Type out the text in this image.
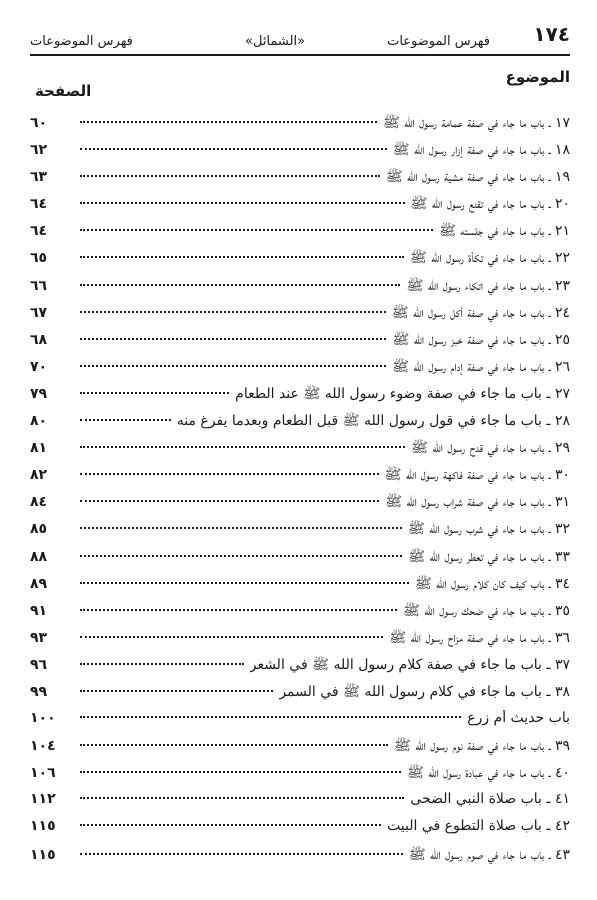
١٧٤
فهرس الموضوعات
«الشمائل»
فهرس الموضوعات
الموضوع
الصفحة
١٧ ـ باب ما جاء في صفة عمامة رسول الله ﷺ
٦٠
١٨ ـ باب ما جاء في صفة إزار رسول الله ﷺ
٦٢
١٩ ـ باب ما جاء في صفة مشية رسول الله ﷺ
٦٣
٢٠ ـ باب ما جاء في تقنع رسول الله ﷺ
٦٤
٢١ ـ باب ما جاء في جلسته ﷺ
٦٤
٢٢ ـ باب ما جاء في تكأة رسول الله ﷺ
٦٥
٢٣ ـ باب ما جاء في اتكاء رسول الله ﷺ
٦٦
٢٤ ـ باب ما جاء في صفة أكل رسول الله ﷺ
٦٧
٢٥ ـ باب ما جاء في صفة خبز رسول الله ﷺ
٦٨
٢٦ ـ باب ما جاء في صفة إدام رسول الله ﷺ
٧٠
٢٧ ـ باب ما جاء في صفة وضوء رسول الله ﷺ عند الطعام
٧٩
٢٨ ـ باب ما جاء في قول رسول الله ﷺ قبل الطعام وبعدما يفرغ منه
٨٠
٢٩ ـ باب ما جاء في قدح رسول الله ﷺ
٨١
٣٠ ـ باب ما جاء في صفة فاكهة رسول الله ﷺ
٨٢
٣١ ـ باب ما جاء في صفة شراب رسول الله ﷺ
٨٤
٣٢ ـ باب ما جاء في شرب رسول الله ﷺ
٨٥
٣٣ ـ باب ما جاء في تعطر رسول الله ﷺ
٨٨
٣٤ ـ باب كيف كان كلام رسول الله ﷺ
٨٩
٣٥ ـ باب ما جاء في ضحك رسول الله ﷺ
٩١
٣٦ ـ باب ما جاء في صفة مزاح رسول الله ﷺ
٩٣
٣٧ ـ باب ما جاء في صفة كلام رسول الله ﷺ في الشعر
٩٦
٣٨ ـ باب ما جاء في كلام رسول الله ﷺ في السمر
٩٩
باب حديث أم زرع
١٠٠
٣٩ ـ باب ما جاء في صفة نوم رسول الله ﷺ
١٠٤
٤٠ ـ باب ما جاء في عبادة رسول الله ﷺ
١٠٦
٤١ ـ باب صلاة النبي الضحى
١١٢
٤٢ ـ باب صلاة التطوع في البيت
١١٥
٤٣ ـ باب ما جاء في صوم رسول الله ﷺ
١١٥
